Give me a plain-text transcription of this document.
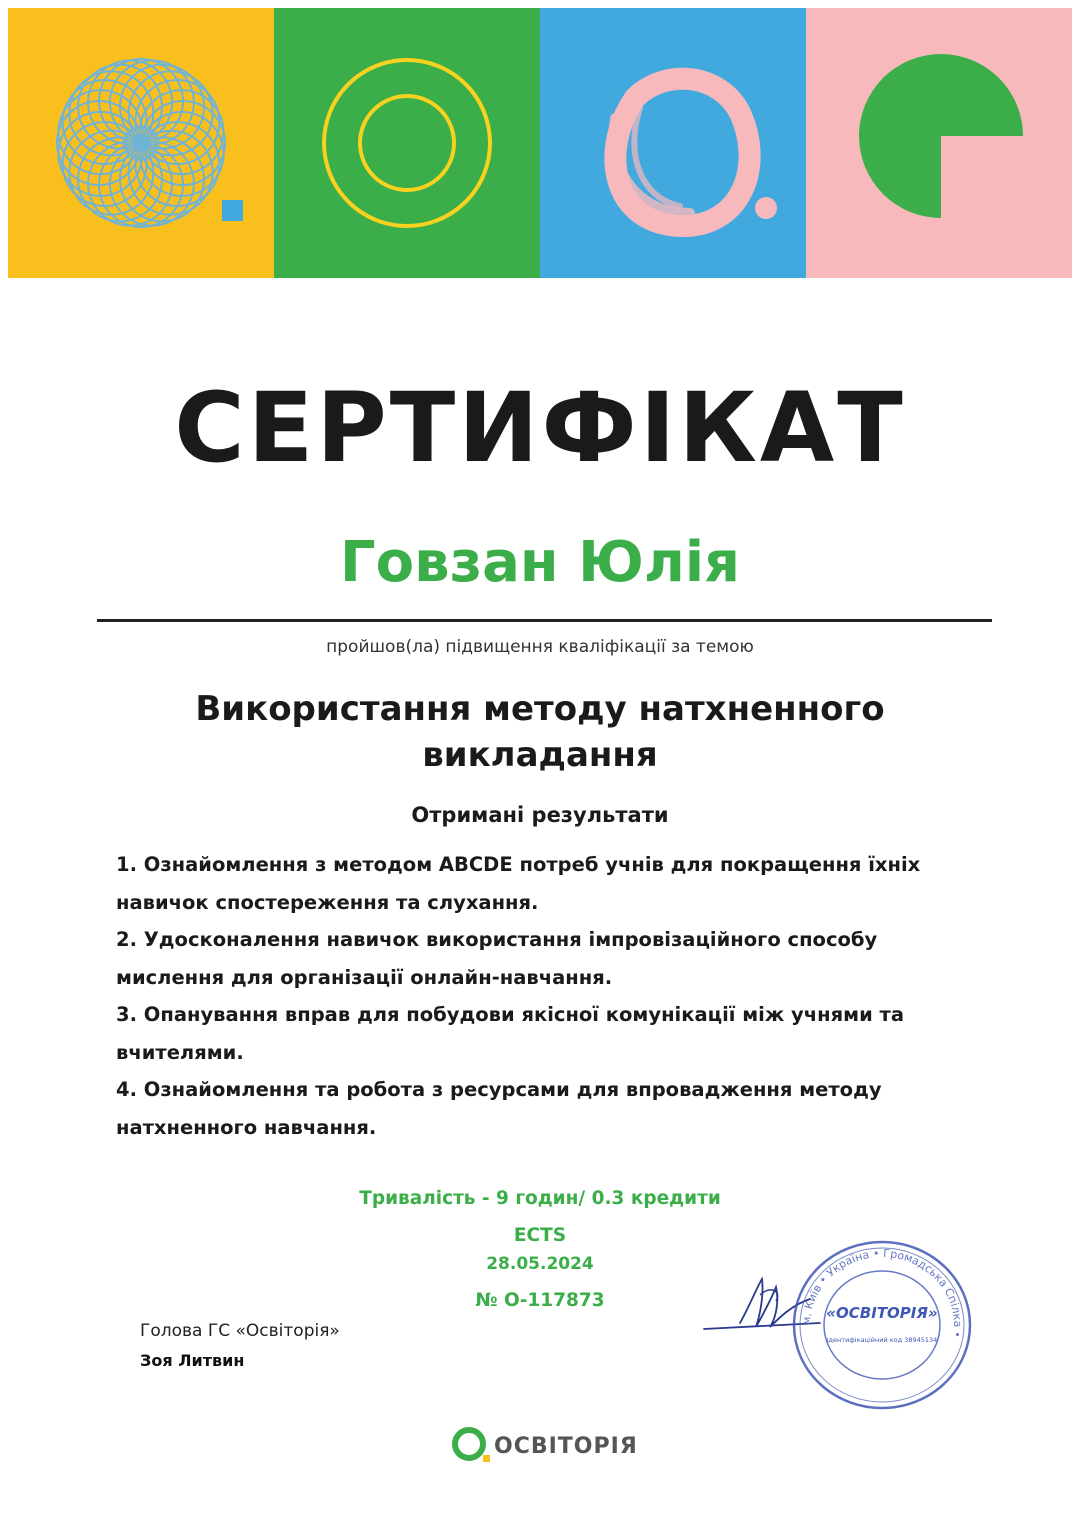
СЕРТИФІКАТ
Говзан Юлія
пройшов(ла) підвищення кваліфікації за темою
Використання методу натхненного викладання
Отримані результати
1. Ознайомлення з методом ABCDE потреб учнів для покращення їхніх навичок спостереження та слухання.
2. Удосконалення навичок використання імпровізаційного способу мислення для організації онлайн-навчання.
3. Опанування вправ для побудови якісної комунікації між учнями та вчителями.
4. Ознайомлення та робота з ресурсами для впровадження методу натхненного навчання.
Тривалість - 9 годин/ 0.3 кредити ECTS
28.05.2024
№ О-117873
Голова ГС «Освіторія»
Зоя Литвин
м. Київ • Україна • Громадська Спілка •
«ОСВІТОРІЯ»
ідентифікаційний код 38945134
ОСВІТОРІЯ
